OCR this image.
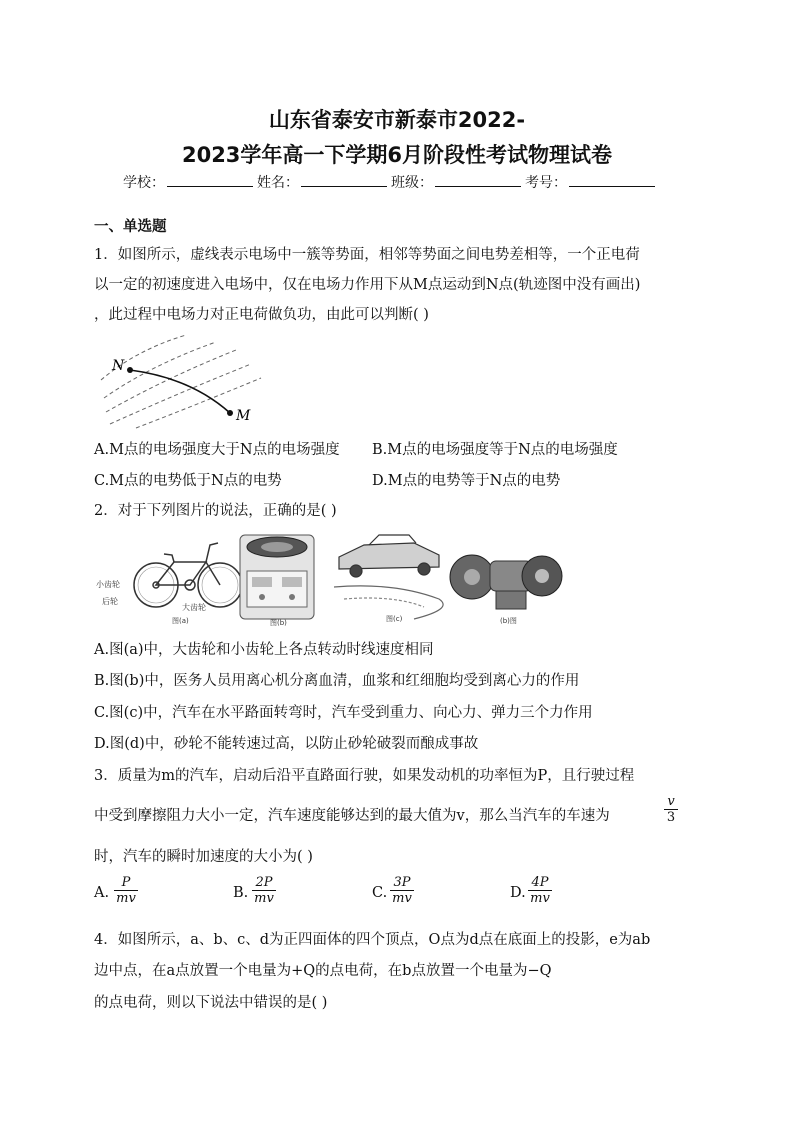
山东省泰安市新泰市2022-
2023学年高一下学期6月阶段性考试物理试卷
学校：	姓名：	班级：	考号：
一、单选题
1．如图所示，虚线表示电场中一簇等势面，相邻等势面之间电势差相等，一个正电荷
以一定的初速度进入电场中，仅在电场力作用下从M点运动到N点(轨迹图中没有画出)
，此过程中电场力对正电荷做负功，由此可以判断( )
N
M
A.M点的电场强度大于N点的电场强度 B.M点的电场强度等于N点的电场强度
C.M点的电势低于N点的电势	D.M点的电势等于N点的电势
2．对于下列图片的说法，正确的是( )
小齿轮
后轮
大齿轮
图(a)	图(b)	图(c)	(b)图
A.图(a)中，大齿轮和小齿轮上各点转动时线速度相同
B.图(b)中，医务人员用离心机分离血清，血浆和红细胞均受到离心力的作用
C.图(c)中，汽车在水平路面转弯时，汽车受到重力、向心力、弹力三个力作用
D.图(d)中，砂轮不能转速过高，以防止砂轮破裂而酿成事故
3．质量为m的汽车，启动后沿平直路面行驶，如果发动机的功率恒为P，且行驶过程
中受到摩擦阻力大小一定，汽车速度能够达到的最大值为v，那么当汽车的车速为	$\frac{v}{3}$
时，汽车的瞬时加速度的大小为( )
A. $\frac{P}{mv}$	B. $\frac{2P}{mv}$	C. $\frac{3P}{mv}$	D. $\frac{4P}{mv}$
4．如图所示，a、b、c、d为正四面体的四个顶点，O点为d点在底面上的投影，e为ab
边中点，在a点放置一个电量为+Q的点电荷，在b点放置一个电量为−Q
的点电荷，则以下说法中错误的是( )
